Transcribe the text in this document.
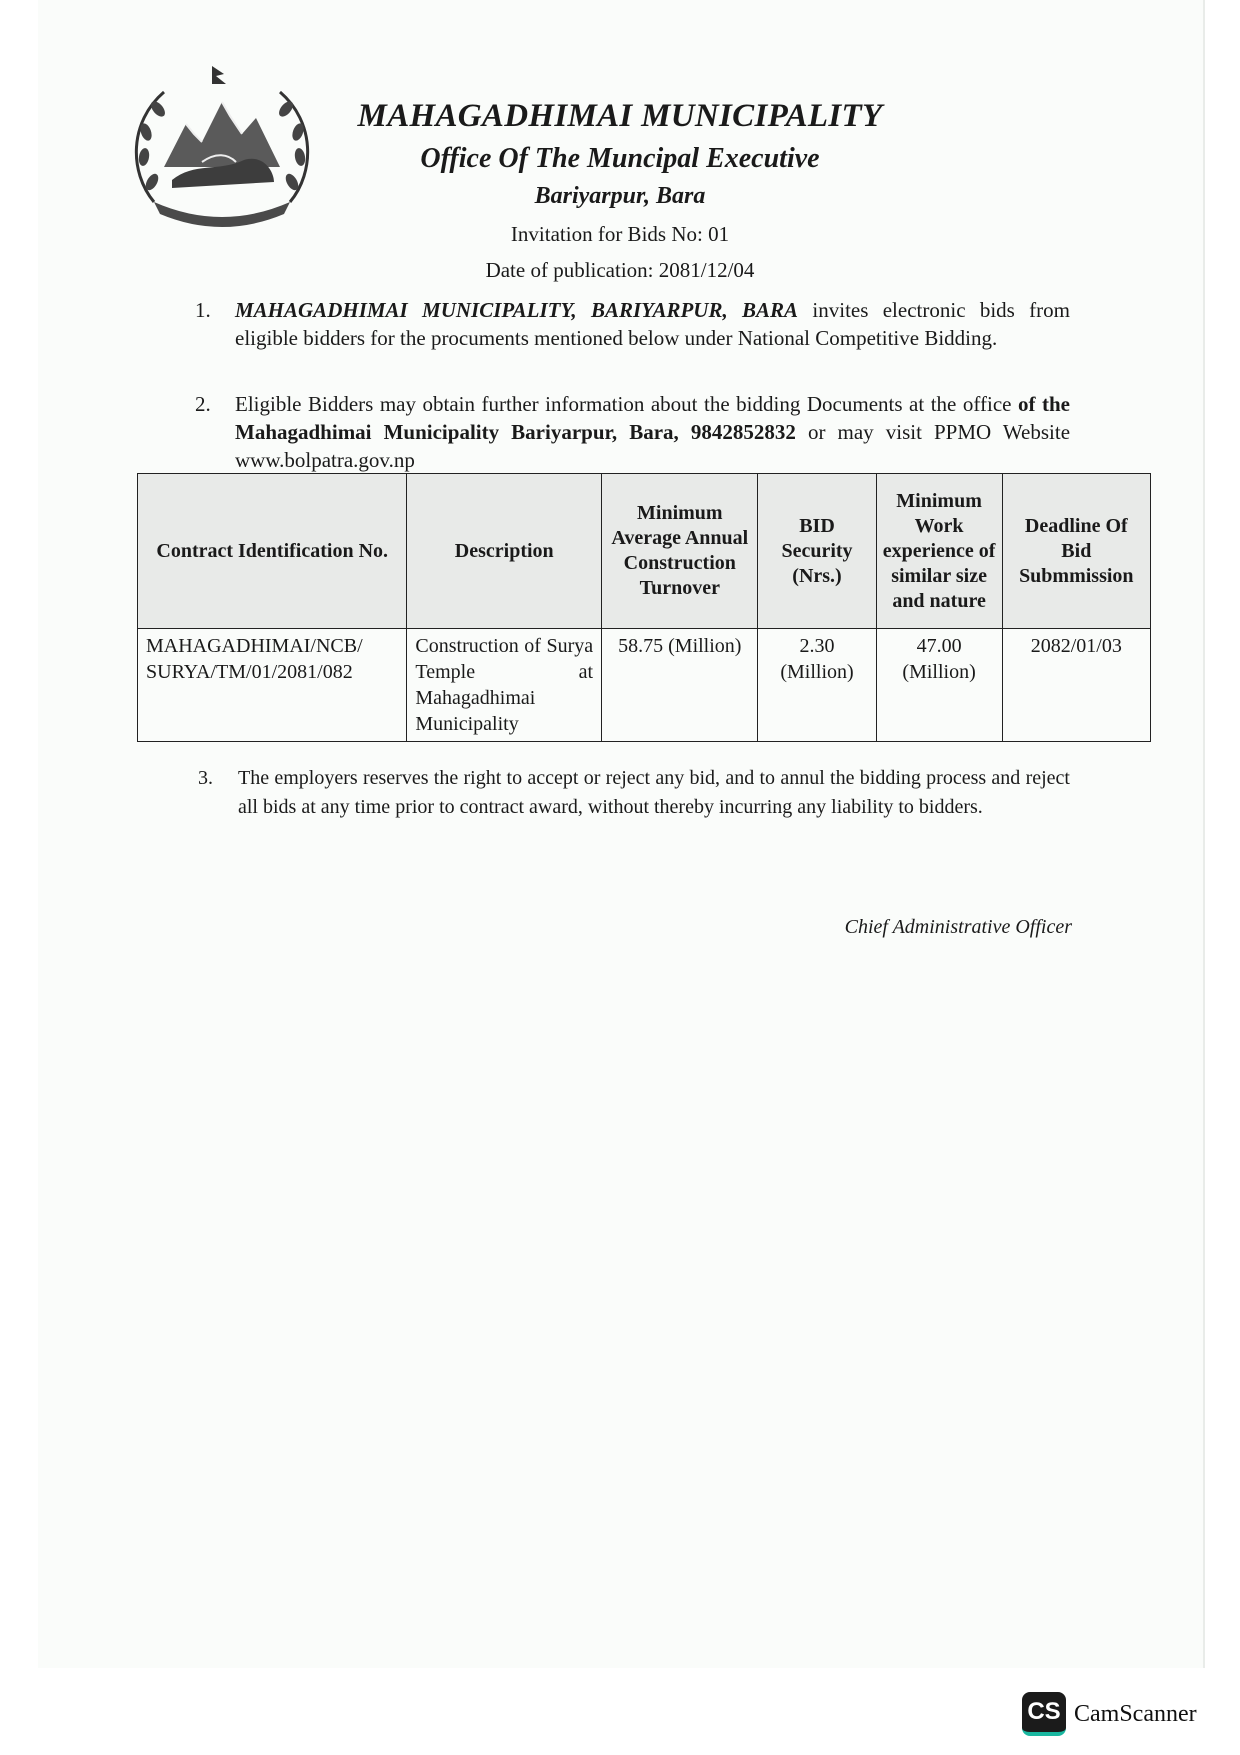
MAHAGADHIMAI MUNICIPALITY
Office Of The Muncipal Executive
Bariyarpur, Bara
Invitation for Bids No: 01
Date of publication: 2081/12/04
1. MAHAGADHIMAI MUNICIPALITY, BARIYARPUR, BARA invites electronic bids from eligible bidders for the procuments mentioned below under National Competitive Bidding.
2. Eligible Bidders may obtain further information about the bidding Documents at the office of the Mahagadhimai Municipality Bariyarpur, Bara, 9842852832 or may visit PPMO Website www.bolpatra.gov.np
Contract Identification No.	Description	Minimum Average Annual Construction Turnover	BID Security (Nrs.)	Minimum Work experience of similar size and nature	Deadline Of Bid Submmission
MAHAGADHIMAI/NCB/ SURYA/TM/01/2081/082	Construction of Surya Temple at Mahagadhimai Municipality	58.75 (Million)	2.30 (Million)	47.00 (Million)	2082/01/03
3. The employers reserves the right to accept or reject any bid, and to annul the bidding process and reject all bids at any time prior to contract award, without thereby incurring any liability to bidders.
Chief Administrative Officer
CS CamScanner
